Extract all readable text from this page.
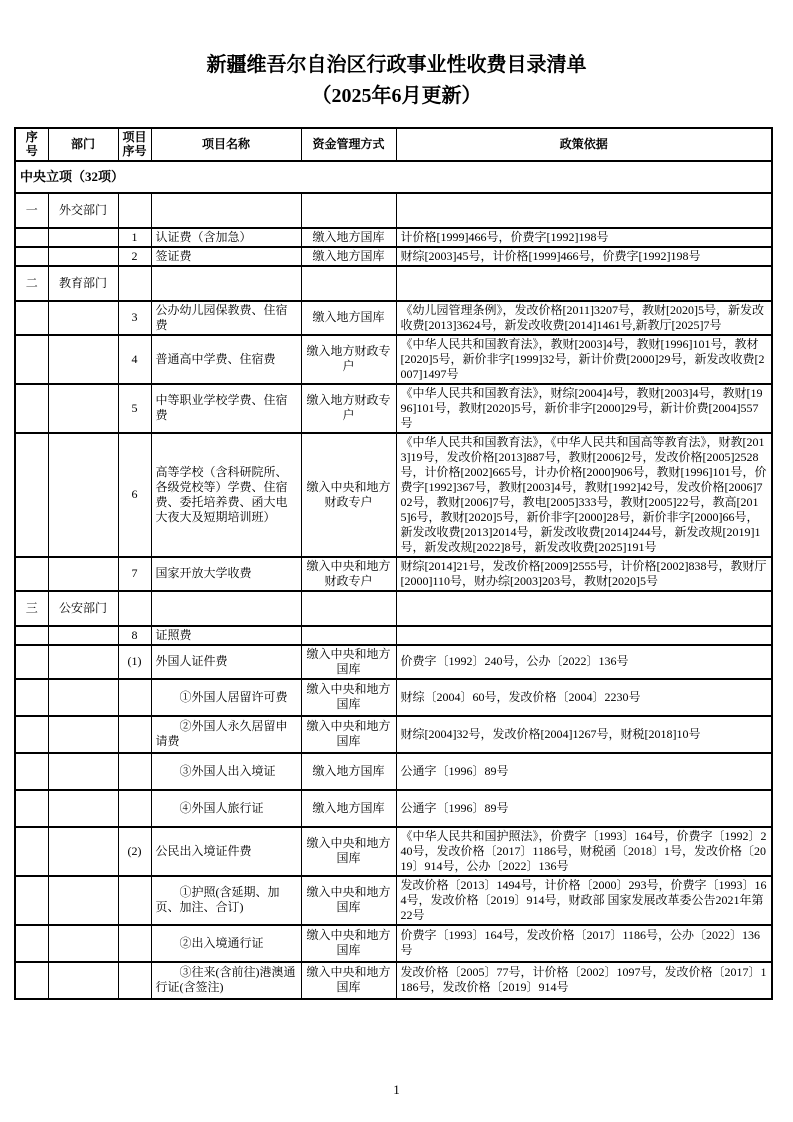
新疆维吾尔自治区行政事业性收费目录清单
（2025年6月更新）
序号	部门	项目序号	项目名称	资金管理方式	政策依据
中央立项（32项）					
一	外交部门				
		1	认证费（含加急）	缴入地方国库	计价格[1999]466号，价费字[1992]198号
		2	签证费	缴入地方国库	财综[2003]45号，计价格[1999]466号，价费字[1992]198号
二	教育部门				
		3	公办幼儿园保教费、住宿费	缴入地方国库	《幼儿园管理条例》，发改价格[2011]3207号，教财[2020]5号，新发改收费[2013]3624号，新发改收费[2014]1461号,新教厅[2025]7号
		4	普通高中学费、住宿费	缴入地方财政专户	《中华人民共和国教育法》，教财[2003]4号，教财[1996]101号，教材[2020]5号，新价非字[1999]32号，新计价费[2000]29号，新发改收费[2007]1497号
		5	中等职业学校学费、住宿费	缴入地方财政专户	《中华人民共和国教育法》，财综[2004]4号，教财[2003]4号，教财[1996]101号，教财[2020]5号，新价非字[2000]29号，新计价费[2004]557号
		6	高等学校（含科研院所、各级党校等）学费、住宿费、委托培养费、函大电大夜大及短期培训班）	缴入中央和地方财政专户	《中华人民共和国教育法》，《中华人民共和国高等教育法》，财教[2013]19号，发改价格[2013]887号，教财[2006]2号，发改价格[2005]2528号，计价格[2002]665号，计办价格[2000]906号，教财[1996]101号，价费字[1992]367号，教财[2003]4号，教财[1992]42号，发改价格[2006]702号，教财[2006]7号，教电[2005]333号，教财[2005]22号，教高[2015]6号，教财[2020]5号，新价非字[2000]28号，新价非字[2000]66号，新发改收费[2013]2014号，新发改收费[2014]244号，新发改规[2019]1号，新发改规[2022]8号，新发改收费[2025]191号
		7	国家开放大学收费	缴入中央和地方财政专户	财综[2014]21号，发改价格[2009]2555号，计价格[2002]838号，教财厅[2000]110号，财办综[2003]203号，教财[2020]5号
三	公安部门				
		8	证照费		
		(1)	外国人证件费	缴入中央和地方国库	价费字〔1992〕240号，公办〔2022〕136号
			①外国人居留许可费	缴入中央和地方国库	财综〔2004〕60号，发改价格〔2004〕2230号
			②外国人永久居留申请费	缴入中央和地方国库	财综[2004]32号，发改价格[2004]1267号，财税[2018]10号
			③外国人出入境证	缴入地方国库	公通字〔1996〕89号
			④外国人旅行证	缴入地方国库	公通字〔1996〕89号
		(2)	公民出入境证件费	缴入中央和地方国库	《中华人民共和国护照法》，价费字〔1993〕164号，价费字〔1992〕240号，发改价格〔2017〕1186号，财税函〔2018〕1号，发改价格〔2019〕914号，公办〔2022〕136号
			①护照(含延期、加页、加注、合订)	缴入中央和地方国库	发改价格〔2013〕1494号，计价格〔2000〕293号，价费字〔1993〕164号，发改价格〔2019〕914号，财政部 国家发展改革委公告2021年第22号
			②出入境通行证	缴入中央和地方国库	价费字〔1993〕164号，发改价格〔2017〕1186号，公办〔2022〕136号
			③往来(含前往)港澳通行证(含签注)	缴入中央和地方国库	发改价格〔2005〕77号，计价格〔2002〕1097号，发改价格〔2017〕1186号，发改价格〔2019〕914号
1
